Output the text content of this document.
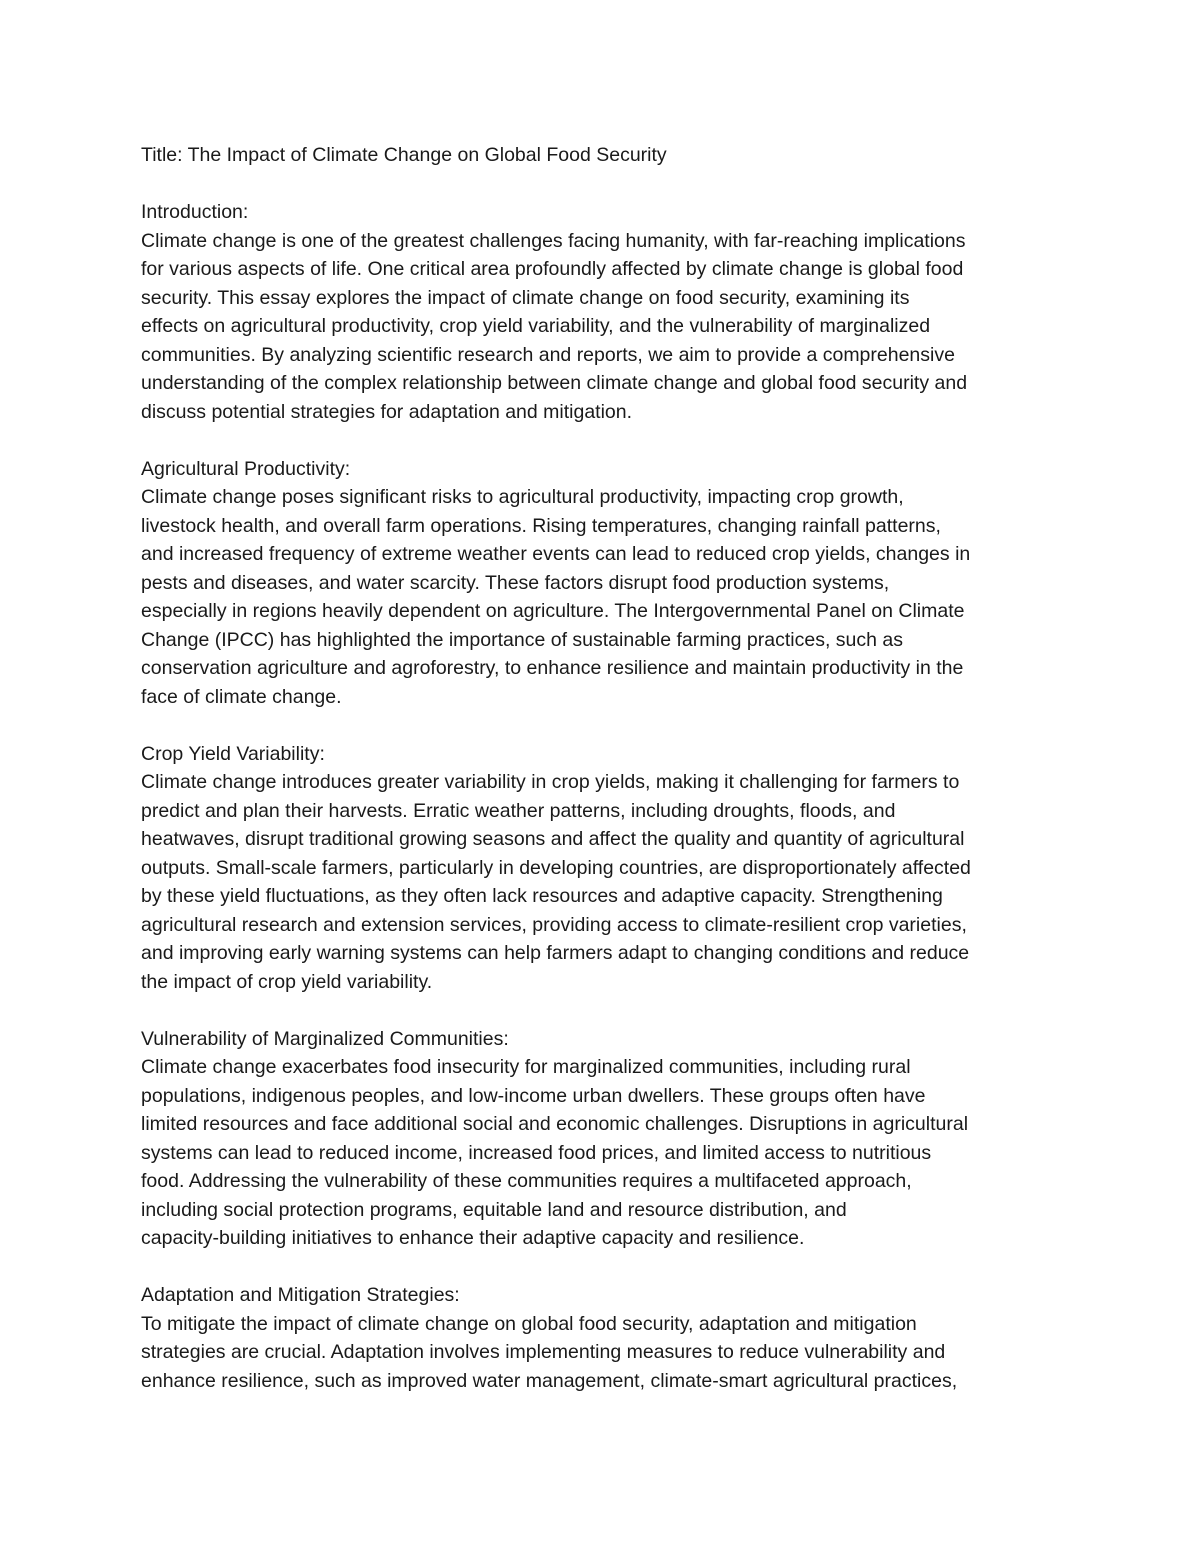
Title: The Impact of Climate Change on Global Food Security
Introduction:
Climate change is one of the greatest challenges facing humanity, with far-reaching implications
for various aspects of life. One critical area profoundly affected by climate change is global food
security. This essay explores the impact of climate change on food security, examining its
effects on agricultural productivity, crop yield variability, and the vulnerability of marginalized
communities. By analyzing scientific research and reports, we aim to provide a comprehensive
understanding of the complex relationship between climate change and global food security and
discuss potential strategies for adaptation and mitigation.
Agricultural Productivity:
Climate change poses significant risks to agricultural productivity, impacting crop growth,
livestock health, and overall farm operations. Rising temperatures, changing rainfall patterns,
and increased frequency of extreme weather events can lead to reduced crop yields, changes in
pests and diseases, and water scarcity. These factors disrupt food production systems,
especially in regions heavily dependent on agriculture. The Intergovernmental Panel on Climate
Change (IPCC) has highlighted the importance of sustainable farming practices, such as
conservation agriculture and agroforestry, to enhance resilience and maintain productivity in the
face of climate change.
Crop Yield Variability:
Climate change introduces greater variability in crop yields, making it challenging for farmers to
predict and plan their harvests. Erratic weather patterns, including droughts, floods, and
heatwaves, disrupt traditional growing seasons and affect the quality and quantity of agricultural
outputs. Small-scale farmers, particularly in developing countries, are disproportionately affected
by these yield fluctuations, as they often lack resources and adaptive capacity. Strengthening
agricultural research and extension services, providing access to climate-resilient crop varieties,
and improving early warning systems can help farmers adapt to changing conditions and reduce
the impact of crop yield variability.
Vulnerability of Marginalized Communities:
Climate change exacerbates food insecurity for marginalized communities, including rural
populations, indigenous peoples, and low-income urban dwellers. These groups often have
limited resources and face additional social and economic challenges. Disruptions in agricultural
systems can lead to reduced income, increased food prices, and limited access to nutritious
food. Addressing the vulnerability of these communities requires a multifaceted approach,
including social protection programs, equitable land and resource distribution, and
capacity-building initiatives to enhance their adaptive capacity and resilience.
Adaptation and Mitigation Strategies:
To mitigate the impact of climate change on global food security, adaptation and mitigation
strategies are crucial. Adaptation involves implementing measures to reduce vulnerability and
enhance resilience, such as improved water management, climate-smart agricultural practices,
